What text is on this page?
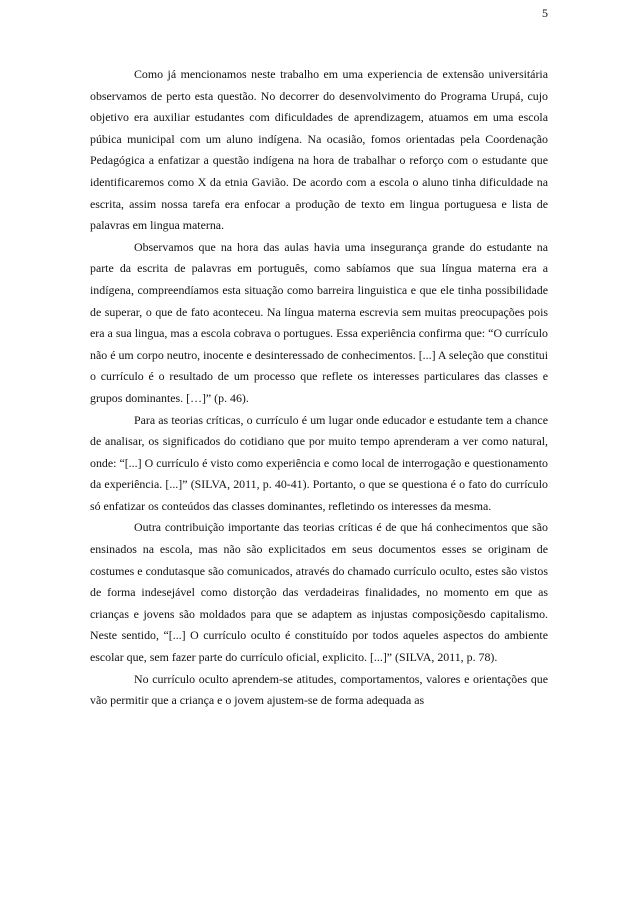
5

Como já mencionamos neste trabalho em uma experiencia de extensão universitária observamos de perto esta questão. No decorrer do desenvolvimento do Programa Urupá, cujo objetivo era auxiliar estudantes com dificuldades de aprendizagem, atuamos em uma escola púbica municipal com um aluno indígena. Na ocasião, fomos orientadas pela Coordenação Pedagógica a enfatizar a questão indígena na hora de trabalhar o reforço com o estudante que identificaremos como X da etnia Gavião. De acordo com a escola o aluno tinha dificuldade na escrita, assim nossa tarefa era enfocar a produção de texto em lingua portuguesa e lista de palavras em lingua materna.

Observamos que na hora das aulas havia uma insegurança grande do estudante na parte da escrita de palavras em português, como sabíamos que sua língua materna era a indígena, compreendíamos esta situação como barreira linguistica e que ele tinha possibilidade de superar, o que de fato aconteceu. Na língua materna escrevia sem muitas preocupações pois era a sua lingua, mas a escola cobrava o portugues. Essa experiência confirma que: “O currículo não é um corpo neutro, inocente e desinteressado de conhecimentos. [...] A seleção que constitui o currículo é o resultado de um processo que reflete os interesses particulares das classes e grupos dominantes. […]” (p. 46).

Para as teorias críticas, o currículo é um lugar onde educador e estudante tem a chance de analisar, os significados do cotidiano que por muito tempo aprenderam a ver como natural, onde: “[...] O currículo é visto como experiência e como local de interrogação e questionamento da experiência. [...]” (SILVA, 2011, p. 40-41). Portanto, o que se questiona é o fato do currículo só enfatizar os conteúdos das classes dominantes, refletindo os interesses da mesma.

Outra contribuição importante das teorias críticas é de que há conhecimentos que são ensinados na escola, mas não são explicitados em seus documentos esses se originam de costumes e condutasque são comunicados, através do chamado currículo oculto, estes são vistos de forma indesejável como distorção das verdadeiras finalidades, no momento em que as crianças e jovens são moldados para que se adaptem as injustas composiçõesdo capitalismo. Neste sentido, “[...] O currículo oculto é constituído por todos aqueles aspectos do ambiente escolar que, sem fazer parte do currículo oficial, explicito. [...]” (SILVA, 2011, p. 78).

No currículo oculto aprendem-se atitudes, comportamentos, valores e orientações que vão permitir que a criança e o jovem ajustem-se de forma adequada as
